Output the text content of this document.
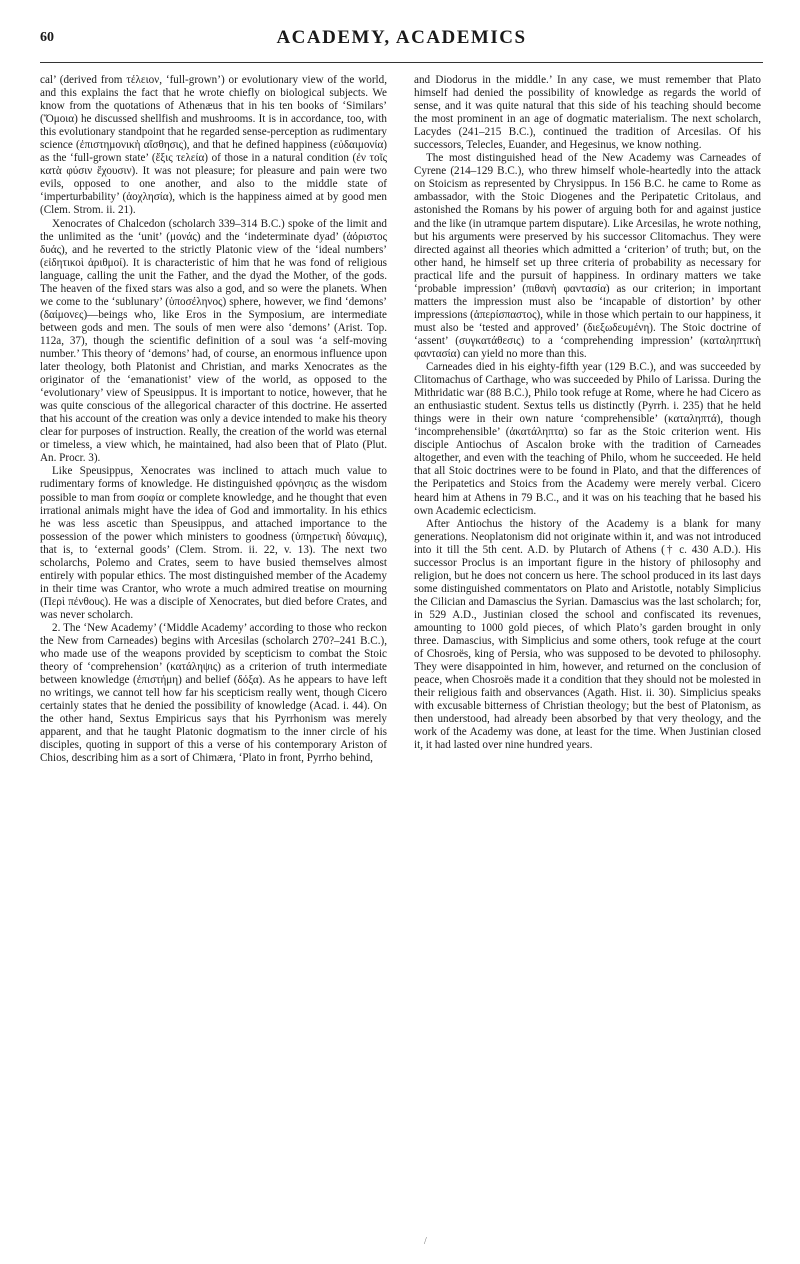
60	ACADEMY, ACADEMICS

cal’ (derived from τέλειον, ‘full-grown’) or evolutionary view of the world, and this explains the fact that he wrote chiefly on biological subjects. We know from the quotations of Athenæus that in his ten books of ‘Similars’ (Ὅμοια) he discussed shellfish and mushrooms. It is in accordance, too, with this evolutionary standpoint that he regarded sense-perception as rudimentary science (ἐπιστημονικὴ αἴσθησις), and that he defined happiness (εὐδαιμονία) as the ‘full-grown state’ (ἕξις τελεία) of those in a natural condition (ἐν τοῖς κατὰ φύσιν ἔχουσιν). It was not pleasure; for pleasure and pain were two evils, opposed to one another, and also to the middle state of ‘imperturbability’ (ἀοχλησία), which is the happiness aimed at by good men (Clem. Strom. ii. 21).

Xenocrates of Chalcedon (scholarch 339–314 B.C.) spoke of the limit and the unlimited as the ‘unit’ (μονάς) and the ‘indeterminate dyad’ (ἀόριστος δυάς), and he reverted to the strictly Platonic view of the ‘ideal numbers’ (εἰδητικοὶ ἀριθμοί). It is characteristic of him that he was fond of religious language, calling the unit the Father, and the dyad the Mother, of the gods. The heaven of the fixed stars was also a god, and so were the planets. When we come to the ‘sublunary’ (ὑποσέληνος) sphere, however, we find ‘demons’ (δαίμονες)—beings who, like Eros in the Symposium, are intermediate between gods and men. The souls of men were also ‘demons’ (Arist. Top. 112a, 37), though the scientific definition of a soul was ‘a self-moving number.’ This theory of ‘demons’ had, of course, an enormous influence upon later theology, both Platonist and Christian, and marks Xenocrates as the originator of the ‘emanationist’ view of the world, as opposed to the ‘evolutionary’ view of Speusippus. It is important to notice, however, that he was quite conscious of the allegorical character of this doctrine. He asserted that his account of the creation was only a device intended to make his theory clear for purposes of instruction. Really, the creation of the world was eternal or timeless, a view which, he maintained, had also been that of Plato (Plut. An. Procr. 3).

Like Speusippus, Xenocrates was inclined to attach much value to rudimentary forms of knowledge. He distinguished φρόνησις as the wisdom possible to man from σοφία or complete knowledge, and he thought that even irrational animals might have the idea of God and immortality. In his ethics he was less ascetic than Speusippus, and attached importance to the possession of the power which ministers to goodness (ὑπηρετικὴ δύναμις), that is, to ‘external goods’ (Clem. Strom. ii. 22, v. 13). The next two scholarchs, Polemo and Crates, seem to have busied themselves almost entirely with popular ethics. The most distinguished member of the Academy in their time was Crantor, who wrote a much admired treatise on mourning (Περὶ πένθους). He was a disciple of Xenocrates, but died before Crates, and was never scholarch.

2. The ‘New Academy’ (‘Middle Academy’ according to those who reckon the New from Carneades) begins with Arcesilas (scholarch 270?–241 B.C.), who made use of the weapons provided by scepticism to combat the Stoic theory of ‘comprehension’ (κατάληψις) as a criterion of truth intermediate between knowledge (ἐπιστήμη) and belief (δόξα). As he appears to have left no writings, we cannot tell how far his scepticism really went, though Cicero certainly states that he denied the possibility of knowledge (Acad. i. 44). On the other hand, Sextus Empiricus says that his Pyrrhonism was merely apparent, and that he taught Platonic dogmatism to the inner circle of his disciples, quoting in support of this a verse of his contemporary Ariston of Chios, describing him as a sort of Chimæra, ‘Plato in front, Pyrrho behind,

and Diodorus in the middle.’ In any case, we must remember that Plato himself had denied the possibility of knowledge as regards the world of sense, and it was quite natural that this side of his teaching should become the most prominent in an age of dogmatic materialism. The next scholarch, Lacydes (241–215 B.C.), continued the tradition of Arcesilas. Of his successors, Telecles, Euander, and Hegesinus, we know nothing.

The most distinguished head of the New Academy was Carneades of Cyrene (214–129 B.C.), who threw himself whole-heartedly into the attack on Stoicism as represented by Chrysippus. In 156 B.C. he came to Rome as ambassador, with the Stoic Diogenes and the Peripatetic Critolaus, and astonished the Romans by his power of arguing both for and against justice and the like (in utramque partem disputare). Like Arcesilas, he wrote nothing, but his arguments were preserved by his successor Clitomachus. They were directed against all theories which admitted a ‘criterion’ of truth; but, on the other hand, he himself set up three criteria of probability as necessary for practical life and the pursuit of happiness. In ordinary matters we take ‘probable impression’ (πιθανὴ φαντασία) as our criterion; in important matters the impression must also be ‘incapable of distortion’ by other impressions (ἀπερίσπαστος), while in those which pertain to our happiness, it must also be ‘tested and approved’ (διεξωδευμένη). The Stoic doctrine of ‘assent’ (συγκατάθεσις) to a ‘comprehending impression’ (καταληπτικὴ φαντασία) can yield no more than this.

Carneades died in his eighty-fifth year (129 B.C.), and was succeeded by Clitomachus of Carthage, who was succeeded by Philo of Larissa. During the Mithridatic war (88 B.C.), Philo took refuge at Rome, where he had Cicero as an enthusiastic student. Sextus tells us distinctly (Pyrrh. i. 235) that he held things were in their own nature ‘comprehensible’ (καταληπτά), though ‘incomprehensible’ (ἀκατάληπτα) so far as the Stoic criterion went. His disciple Antiochus of Ascalon broke with the tradition of Carneades altogether, and even with the teaching of Philo, whom he succeeded. He held that all Stoic doctrines were to be found in Plato, and that the differences of the Peripatetics and Stoics from the Academy were merely verbal. Cicero heard him at Athens in 79 B.C., and it was on his teaching that he based his own Academic eclecticism.

After Antiochus the history of the Academy is a blank for many generations. Neoplatonism did not originate within it, and was not introduced into it till the 5th cent. A.D. by Plutarch of Athens († c. 430 A.D.). His successor Proclus is an important figure in the history of philosophy and religion, but he does not concern us here. The school produced in its last days some distinguished commentators on Plato and Aristotle, notably Simplicius the Cilician and Damascius the Syrian. Damascius was the last scholarch; for, in 529 A.D., Justinian closed the school and confiscated its revenues, amounting to 1000 gold pieces, of which Plato’s garden brought in only three. Damascius, with Simplicius and some others, took refuge at the court of Chosroës, king of Persia, who was supposed to be devoted to philosophy. They were disappointed in him, however, and returned on the conclusion of peace, when Chosroës made it a condition that they should not be molested in their religious faith and observances (Agath. Hist. ii. 30). Simplicius speaks with excusable bitterness of Christian theology; but the best of Platonism, as then understood, had already been absorbed by that very theology, and the work of the Academy was done, at least for the time. When Justinian closed it, it had lasted over nine hundred years.

/
